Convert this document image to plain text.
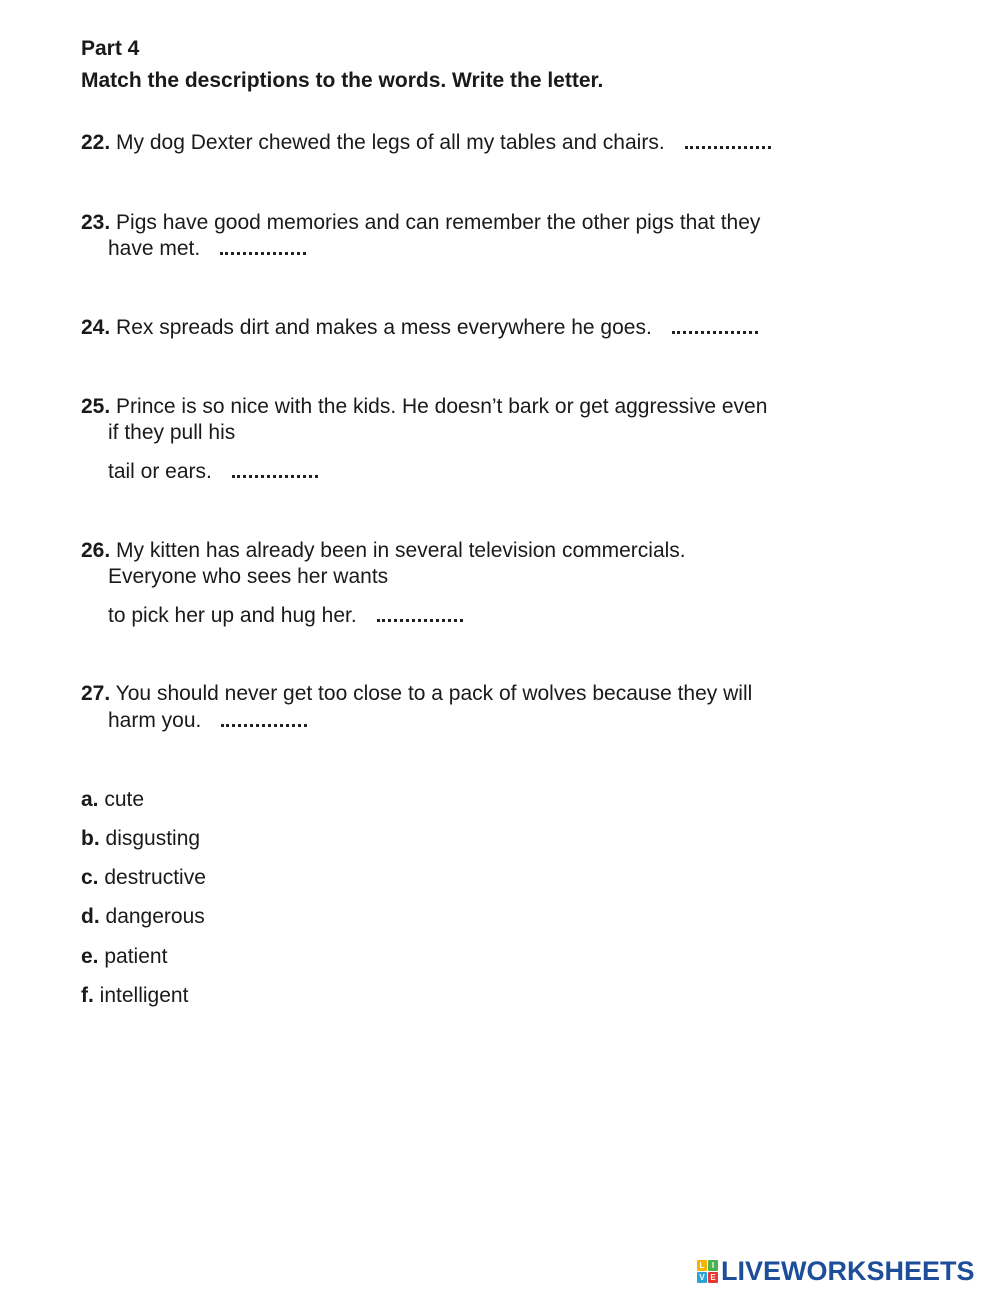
Part 4
Match the descriptions to the words. Write the letter.
22. My dog Dexter chewed the legs of all my tables and chairs.
23. Pigs have good memories and can remember the other pigs that they
have met.
24. Rex spreads dirt and makes a mess everywhere he goes.
25. Prince is so nice with the kids. He doesn’t bark or get aggressive even
if they pull his
tail or ears.
26. My kitten has already been in several television commercials.
Everyone who sees her wants
to pick her up and hug her.
27. You should never get too close to a pack of wolves because they will
harm you.
a. cute
b. disgusting
c. destructive
d. dangerous
e. patient
f. intelligent
L I
V E LIVEWORKSHEETS
